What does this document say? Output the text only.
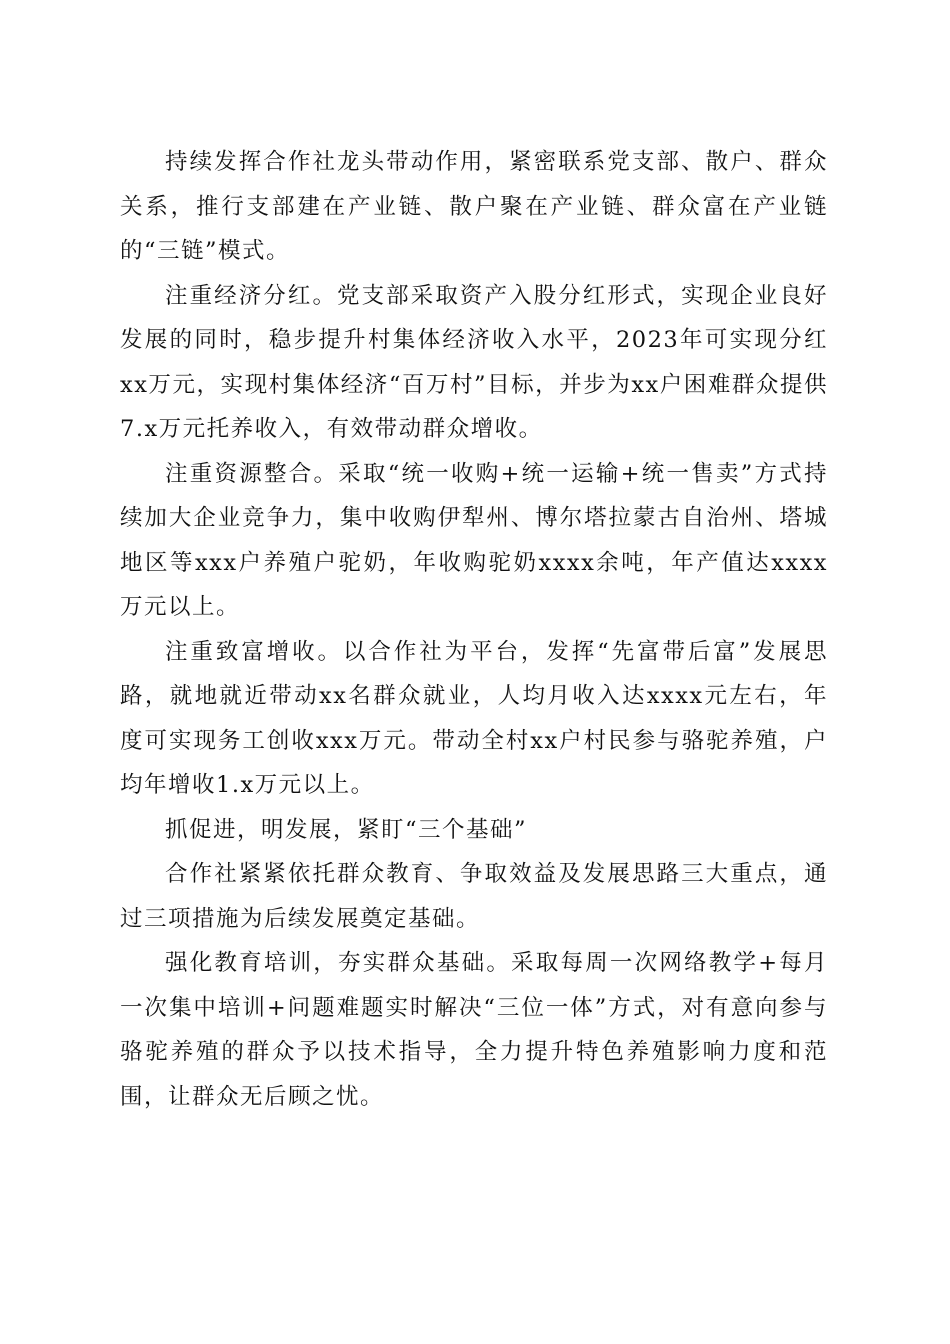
持续发挥合作社龙头带动作用，紧密联系党支部、散户、群众关系，推行支部建在产业链、散户聚在产业链、群众富在产业链的“三链”模式。

注重经济分红。党支部采取资产入股分红形式，实现企业良好发展的同时，稳步提升村集体经济收入水平，2023年可实现分红xx万元，实现村集体经济“百万村”目标，并步为xx户困难群众提供7.x万元托养收入，有效带动群众增收。

注重资源整合。采取“统一收购+统一运输+统一售卖”方式持续加大企业竞争力，集中收购伊犁州、博尔塔拉蒙古自治州、塔城地区等xxx户养殖户驼奶，年收购驼奶xxxx余吨，年产值达xxxx万元以上。

注重致富增收。以合作社为平台，发挥“先富带后富”发展思路，就地就近带动xx名群众就业，人均月收入达xxxx元左右，年度可实现务工创收xxx万元。带动全村xx户村民参与骆驼养殖，户均年增收1.x万元以上。

抓促进，明发展，紧盯“三个基础”

合作社紧紧依托群众教育、争取效益及发展思路三大重点，通过三项措施为后续发展奠定基础。

强化教育培训，夯实群众基础。采取每周一次网络教学+每月一次集中培训+问题难题实时解决“三位一体”方式，对有意向参与骆驼养殖的群众予以技术指导，全力提升特色养殖影响力度和范围，让群众无后顾之忧。
